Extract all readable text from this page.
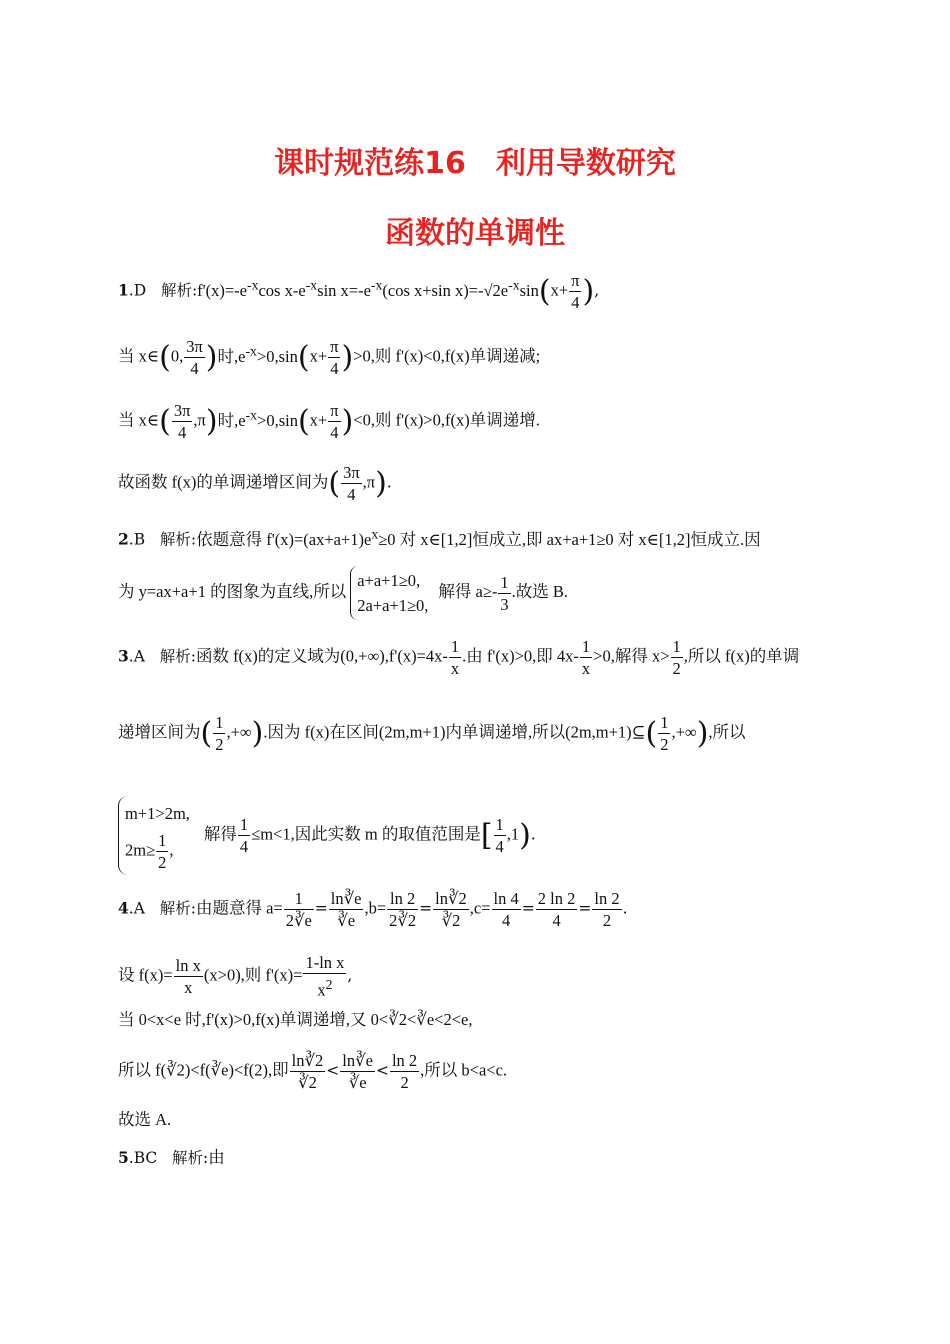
课时规范练16　利用导数研究
函数的单调性
1.D 解析$:f'(x)=-e^{-x}\cos$ $x-e^{-x}\sin$ $x=-e^{-x}(\cos$ x+sin $x)=-√2e^{-x}\sin(x+ \frac{\pi}{4}$ ),
当 x∈(0, $\frac{3\pi}{4}$ )时$,e^{-x}>0,\sin(x+ \frac{\pi}{4} )>0$,则 f'(x)<0,f(x)单调递减;
当 x∈( $\frac{3\pi}{4} ,\pi$)时$,e^{-x}>0,\sin(x+ \frac{\pi}{4} )<0$,则 f'(x)>0,f(x)单调递增.
故函数 f(x)的单调递增区间为( $\frac{3\pi}{4} ,\pi$).
2.B 解析:依题意得 $f'(x)=(ax+a+1)e^x\ge 0$ 对 x∈[1,2]恒成立,即 ax+a+1≥0 对 x∈[1,2]恒成立.因
为 y=ax+a+1 的图象为直线,所以
a+a+1≥0,
2a+a+1≥0,
解得 $a\ge- \frac{1}{3}$ .故选 B.
3.A 解析:函数 f(x)的定义域为$(0,+\infty),f'(x)=4x- \frac{1}{x}$ .由 f'(x)>0,即 $4x- \frac{1}{x} >0$,解得 $x> \frac{1}{2}$ ,所以 f(x)的单调
递增区间为( $\frac{1}{2}$ ,+∞).因为 f(x)在区间(2m,m+1)内单调递增,所以(2m,m+1)⊆( $\frac{1}{2}$ ,+∞),所以
m+1>2m,
$2m\ge \frac{1}{2}$ ,
解得 $\frac{1}{4} \le m<1$,因此实数 m 的取值范围是[ $\frac{1}{4} ,1$).
4.A 解析:由题意得 $a= \frac{1}{2∛e} = \frac{\ln∛e}{∛e} ,b= \frac{\ln 2}{2∛2} = \frac{\ln∛2}{∛2} ,c= \frac{\ln 4}{4} = \frac{2 \ln 2}{4} = \frac{\ln 2}{2}$ .
设 $f(x)= \frac{\text{ln x}}{x} (x>0)$,则 $f'(x)= \frac{\text{1-ln x}}{x^2}$ ,
当 0<x<e 时,f'(x)>0,f(x)单调递增,又 0<∛2<∛e<2<e,
所以 f(∛2)<f(∛e)<f(2),即 $\frac{\ln∛2}{∛2} < \frac{\ln∛e}{∛e} < \frac{\ln 2}{2}$ ,所以 b<a<c.
故选 A.
5.BC 解析:由
